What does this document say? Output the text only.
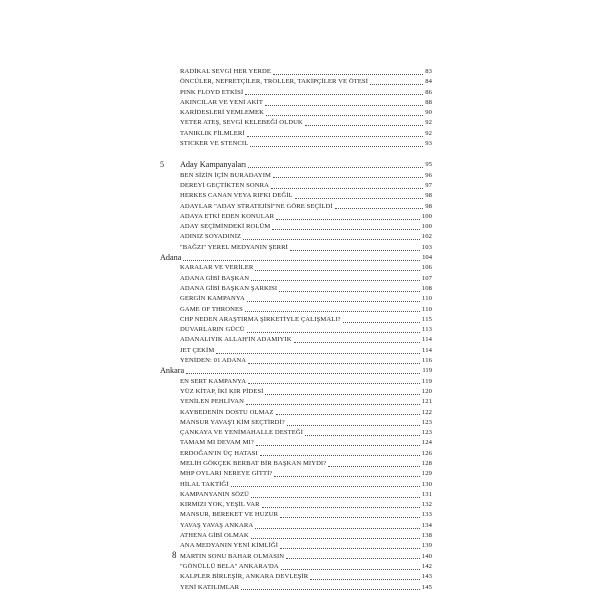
RADİKAL SEVGİ HER YERDE	83
ÖNCÜLER, NEFRETÇİLER, TROLLER, TAKİPÇİLER VE ÖTESİ	84
PINK FLOYD ETKİSİ	86
AKINCILAR VE YENİ AKİT	88
KARİDESLERİ YEMLEMEK	90
YETER ATEŞ, SEVGİ KELEBEĞİ OLDUK	92
TANIKLIK FİLMLERİ	92
STICKER VE STENCIL	93
5	Aday Kampanyaları	95
BEN SİZİN İÇİN BURADAYIM	96
DEREYİ GEÇTİKTEN SONRA	97
HERKES CANAN VEYA RIFKI DEĞİL	98
ADAYLAR "ADAY STRATEJİSİ"NE GÖRE SEÇİLDİ	98
ADAYA ETKİ EDEN KONULAR	100
ADAY SEÇİMİNDEKİ ROLÜM	100
ADINIZ SOYADINIZ	102
"BAĞZI" YEREL MEDYANIN ŞERRİ	103
Adana	104
KARALAR VE VERİLER	106
ADANA GİBİ BAŞKAN	107
ADANA GİBİ BAŞKAN ŞARKISI	108
GERGİN KAMPANYA	110
GAME OF THRONES	110
CHP NEDEN ARAŞTIRMA ŞİRKETİYLE ÇALIŞMALI?	115
DUVARLARIN GÜCÜ	113
ADANALIYIK ALLAH'IN ADAMIYIK	114
JET ÇEKİM	114
YENİDEN: 01 ADANA	116
Ankara	119
EN SERT KAMPANYA	119
YÜZ KİTAP, İKİ KIR PİDESİ	120
YENİLEN PEHLİVAN	121
KAYBEDENİN DOSTU OLMAZ	122
MANSUR YAVAŞ'I KİM SEÇTİRDİ?	123
ÇANKAYA VE YENİMAHALLE DESTEĞİ	123
TAMAM MI DEVAM MI?	124
ERDOĞAN'IN ÜÇ HATASI	126
MELİH GÖKÇEK BERBAT BİR BAŞKAN MIYDI?	128
MHP OYLARI NEREYE GİTTİ?	129
HİLAL TAKTİĞİ	130
KAMPANYANIN SÖZÜ	131
KIRMIZI YOK, YEŞİL VAR	132
MANSUR, BEREKET VE HUZUR	133
YAVAŞ YAVAŞ ANKARA	134
ATHENA GİBİ OLMAK	138
ANA MEDYANIN YENİ KİMLİĞİ	139
MARTIN SONU BAHAR OLMASIN	140
"GÖNÜLLÜ BELA" ANKARA'DA	142
KALPLER BİRLEŞİR, ANKARA DEVLEŞİR	143
YENİ KATILIMLAR	145
8
